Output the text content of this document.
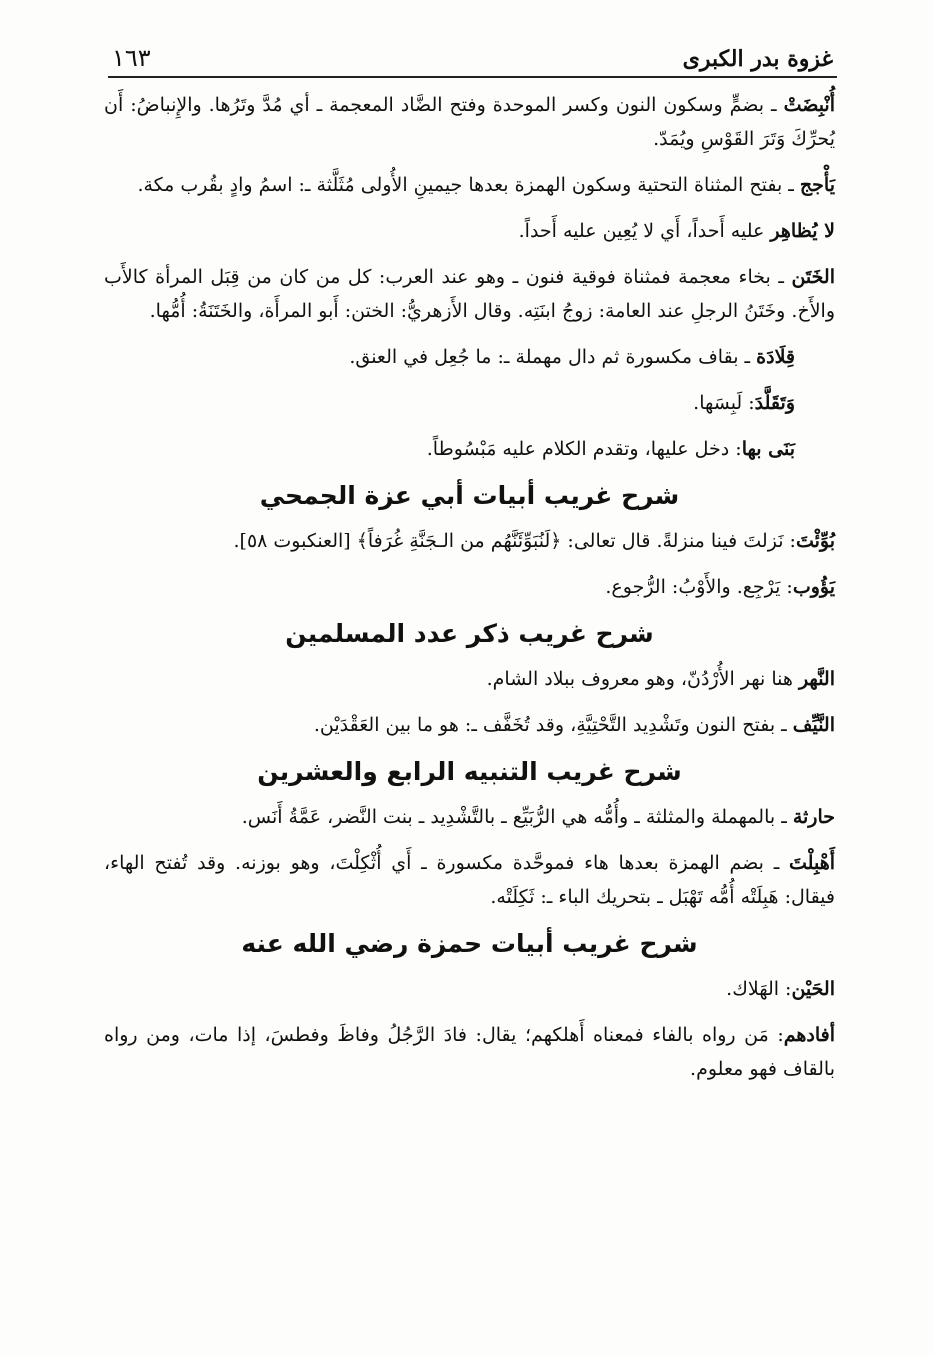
غزوة بدر الكبرى
١٦٣

أُنْبِضَتْ ـ بضمٍّ وسكون النون وكسر الموحدة وفتح الضَّاد المعجمة ـ أي مُدَّ وتَرُها. والإِنباضُ: أَن يُحرِّكَ وَتَرَ القَوْسِ ويُمَدّ.

يَأْجج ـ بفتح المثناة التحتية وسكون الهمزة بعدها جيمينِ الأُولى مُثَلَّثة ـ: اسمُ وادٍ بقُرب مكة.

لا يُظاهِر عليه أَحداً، أَي لا يُعِين عليه أَحداً.

الخَتَن ـ بخاء معجمة فمثناة فوقية فنون ـ وهو عند العرب: كل من كان من قِبَل المرأة كالأَب والأَخ. وخَتَنُ الرجلِ عند العامة: زوجُ ابنَتِه. وقال الأَزهريُّ: الختن: أَبو المرأَة، والخَتَنَةُ: أُمُّها.

قِلَادَة ـ بقاف مكسورة ثم دال مهملة ـ: ما جُعِل في العنق.

وَتَقَلَّدَ: لَبِسَها.

بَنَى بها: دخل عليها، وتقدم الكلام عليه مَبْسُوطاً.

شرح غريب أبيات أبي عزة الجمحي

بُوِّئْتَ: نَزلتَ فينا منزلةً. قال تعالى: ﴿لَنُبَوِّئَنَّهُم من الـجَنَّةِ غُرَفاً﴾ [العنكبوت ٥٨].

يَؤُوب: يَرْجِع. والأَوْبُ: الرُّجوع.

شرح غريب ذكر عدد المسلمين

النَّهر هنا نهر الأُرْدُنّ، وهو معروف ببلاد الشام.

النَّيِّف ـ بفتح النون وتَشْدِيد التَّحْتِيَّةِ، وقد تُخَفَّف ـ: هو ما بين العَقْدَيْن.

شرح غريب التنبيه الرابع والعشرين

حارثة ـ بالمهملة والمثلثة ـ وأُمُّه هي الرُّبَيِّع ـ بالتَّشْدِيد ـ بنت النَّضر، عَمَّةُ أَنَس.

أَهْبِلْتَ ـ بضم الهمزة بعدها هاء فموحَّدة مكسورة ـ أَي أُثْكِلْتَ، وهو بوزنه. وقد تُفتح الهاء، فيقال: هَبِلَتْه أُمُّه تَهْبَل ـ بتحريك الباء ـ: ثَكِلَتْه.

شرح غريب أبيات حمزة رضي الله عنه

الحَيْن: الهَلاك.

أفادهم: مَن رواه بالفاء فمعناه أَهلكهم؛ يقال: فادَ الرَّجُلُ وفاظَ وفطسَ، إذا مات، ومن رواه بالقاف فهو معلوم.
